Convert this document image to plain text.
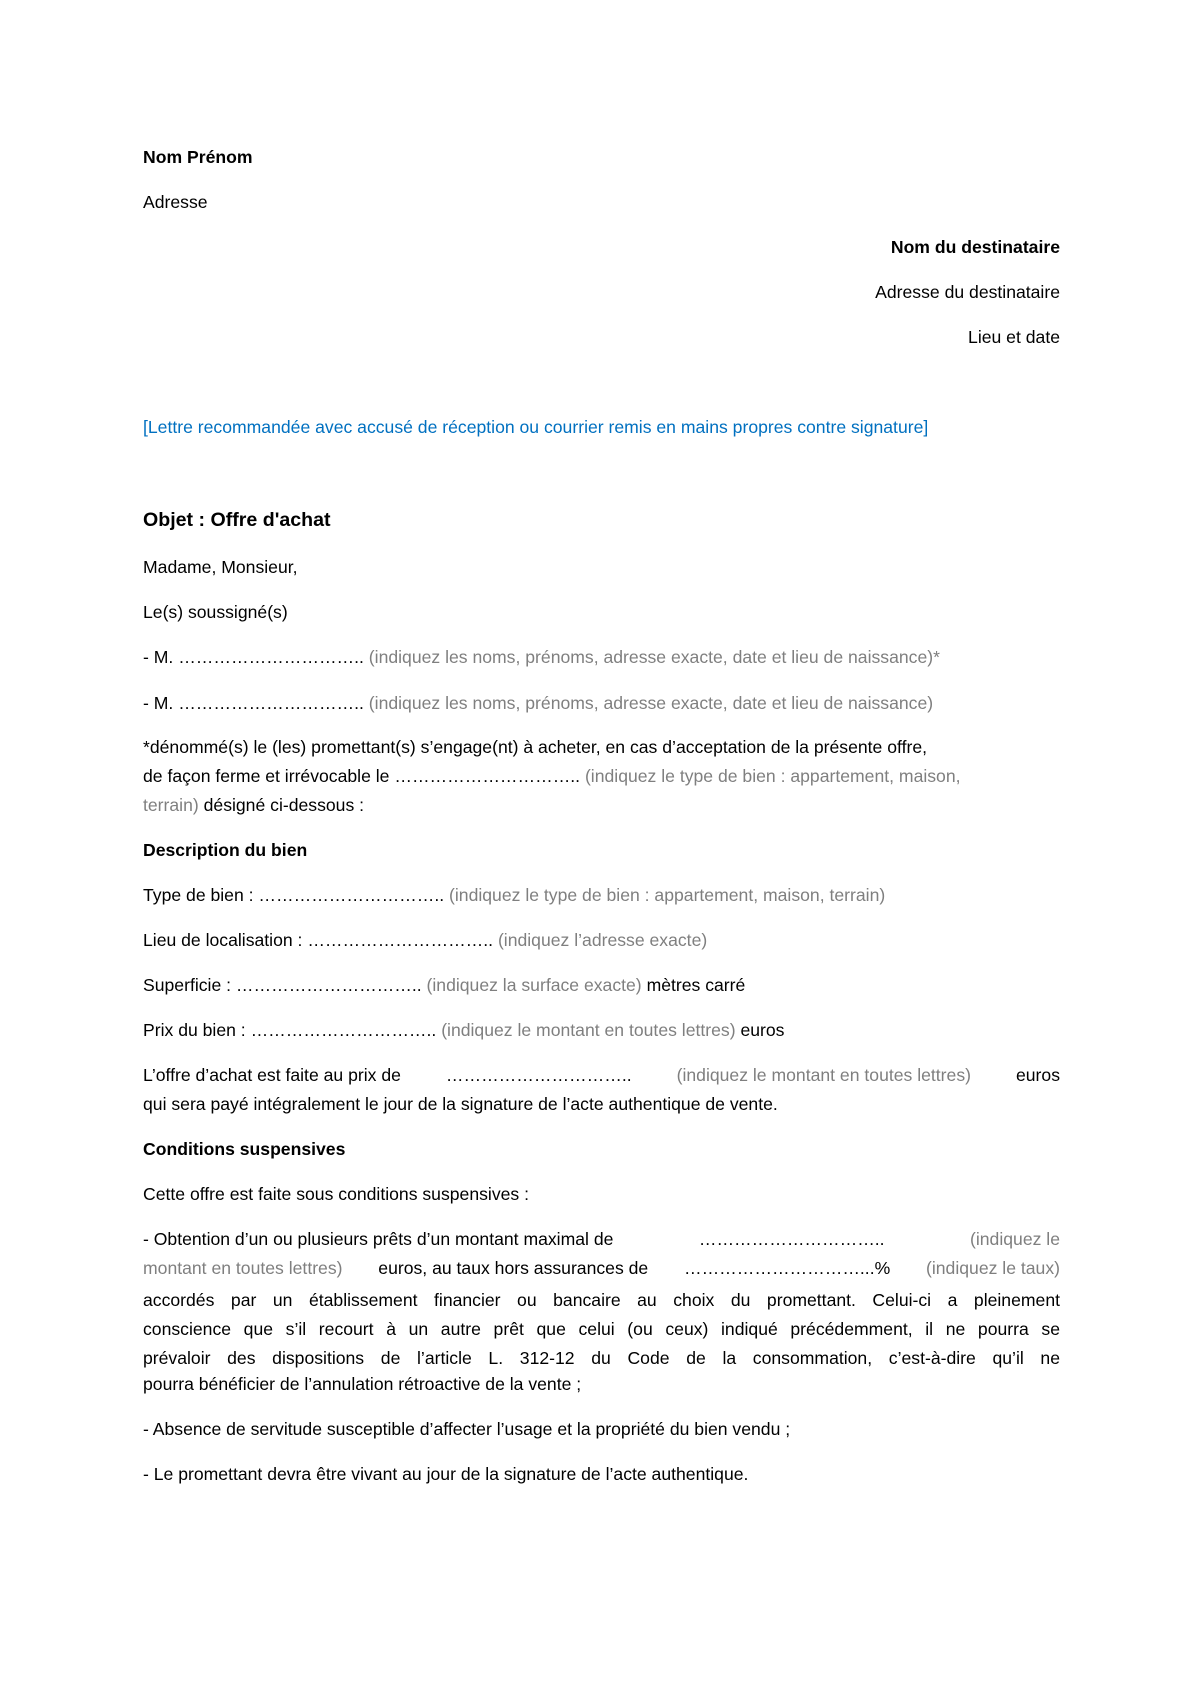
Nom Prénom
Adresse
Nom du destinataire
Adresse du destinataire
Lieu et date
[Lettre recommandée avec accusé de réception ou courrier remis en mains propres contre signature]
Objet : Offre d'achat
Madame, Monsieur,
Le(s) soussigné(s)
- M. ………………………….. (indiquez les noms, prénoms, adresse exacte, date et lieu de naissance)*
- M. ………………………….. (indiquez les noms, prénoms, adresse exacte, date et lieu de naissance)
*dénommé(s) le (les) promettant(s) s’engage(nt) à acheter, en cas d’acceptation de la présente offre,
de façon ferme et irrévocable le ………………………….. (indiquez le type de bien : appartement, maison,
terrain) désigné ci-dessous :
Description du bien
Type de bien : ………………………….. (indiquez le type de bien : appartement, maison, terrain)
Lieu de localisation : ………………………….. (indiquez l’adresse exacte)
Superficie : ………………………….. (indiquez la surface exacte) mètres carré
Prix du bien : ………………………….. (indiquez le montant en toutes lettres) euros
L’offre d’achat est faite au prix de	…………………………..	(indiquez le montant en toutes lettres)	euros
qui sera payé intégralement le jour de la signature de l’acte authentique de vente.
Conditions suspensives
Cette offre est faite sous conditions suspensives :
- Obtention d’un ou plusieurs prêts d’un montant maximal de	…………………………..	(indiquez le
montant en toutes lettres) euros, au taux hors assurances de …………………………...% (indiquez le taux)
accordés par un établissement financier ou bancaire au choix du promettant. Celui-ci a pleinement
conscience que s’il recourt à un autre prêt que celui (ou ceux) indiqué précédemment, il ne pourra se
prévaloir des dispositions de l’article L. 312-12 du Code de la consommation, c’est-à-dire qu’il ne
pourra bénéficier de l’annulation rétroactive de la vente ;
- Absence de servitude susceptible d’affecter l’usage et la propriété du bien vendu ;
- Le promettant devra être vivant au jour de la signature de l’acte authentique.
